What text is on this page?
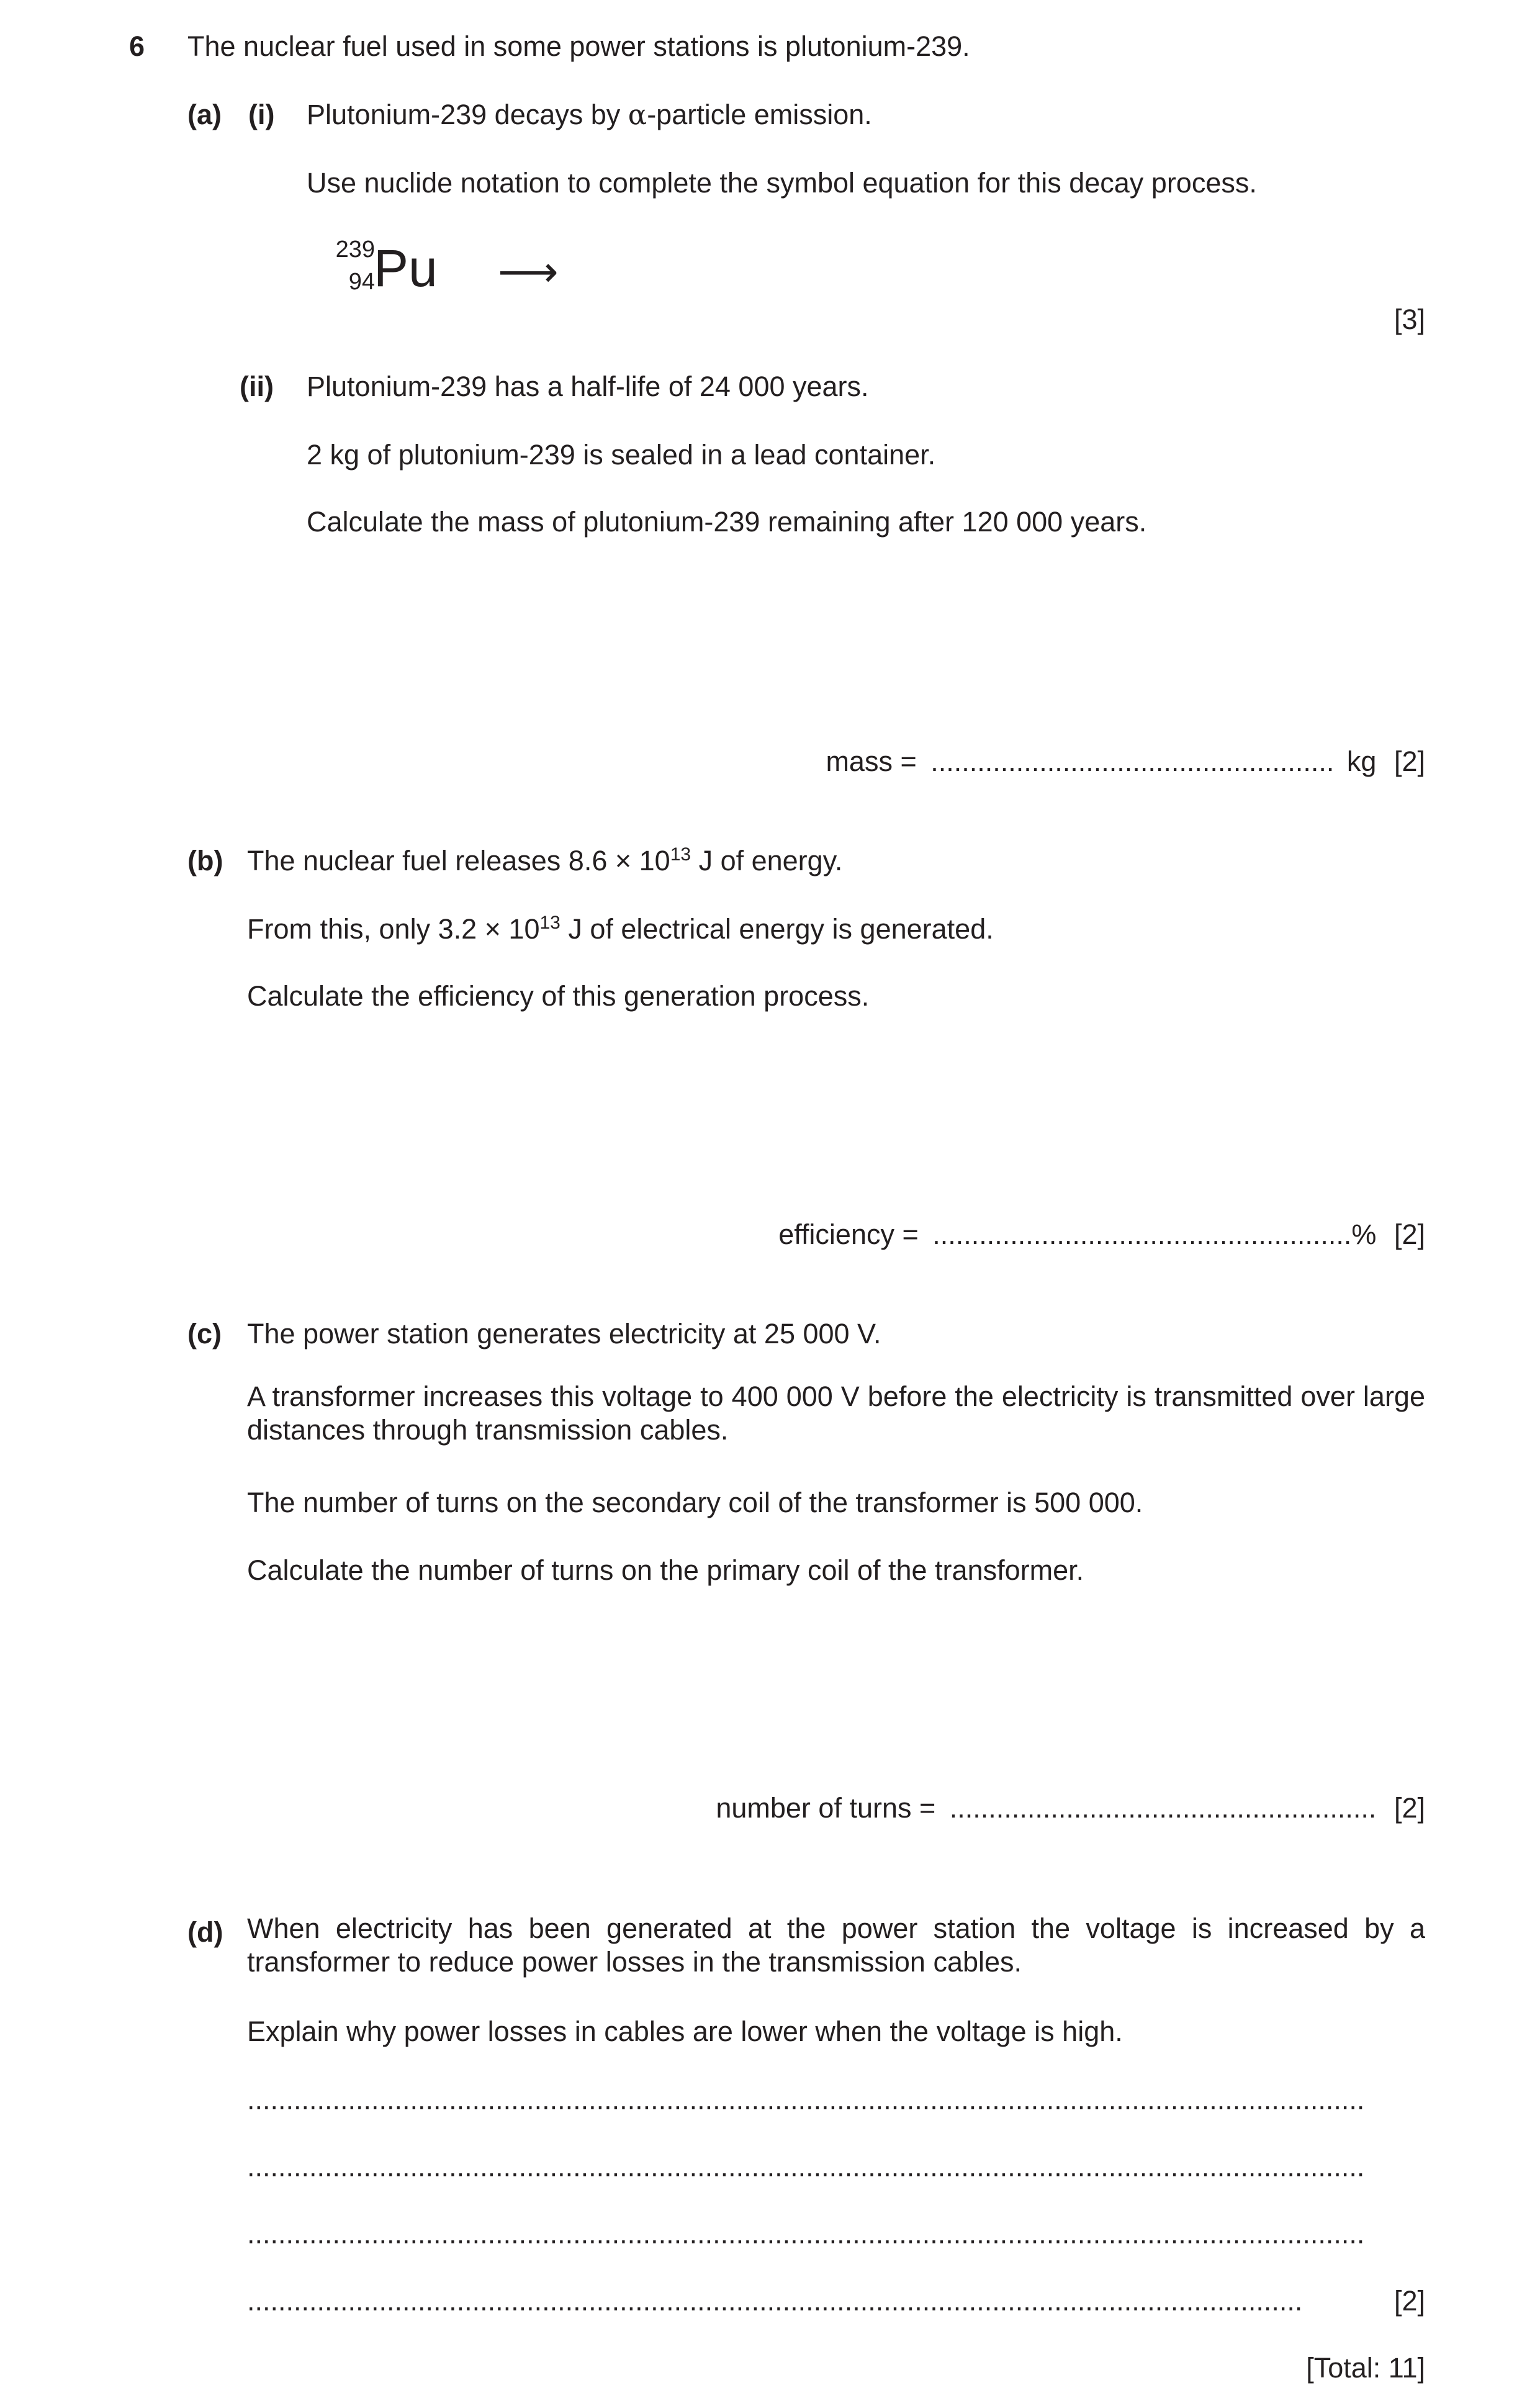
6 The nuclear fuel used in some power stations is plutonium-239.
(a) (i) Plutonium-239 decays by α-particle emission.
Use nuclide notation to complete the symbol equation for this decay process.
239
94
Pu ⟶
[3]
(ii) Plutonium-239 has a half-life of 24 000 years.
2 kg of plutonium-239 is sealed in a lead container.
Calculate the mass of plutonium-239 remaining after 120 000 years.
mass = .................................................... kg [2]
(b) The nuclear fuel releases $8.6 \times 10^{13}$ J of energy.
From this, only $3.2 \times 10^{13}$ J of electrical energy is generated.
Calculate the efficiency of this generation process.
efficiency = ......................................................% [2]
(c) The power station generates electricity at 25 000 V.
A transformer increases this voltage to 400 000 V before the electricity is transmitted over large distances through transmission cables.
The number of turns on the secondary coil of the transformer is 500 000.
Calculate the number of turns on the primary coil of the transformer.
number of turns = ....................................................... [2]
(d) When electricity has been generated at the power station the voltage is increased by a transformer to reduce power losses in the transmission cables.
Explain why power losses in cables are lower when the voltage is high.
................................................................................................................................................
................................................................................................................................................
................................................................................................................................................
........................................................................................................................................	[2]
[Total: 11]
